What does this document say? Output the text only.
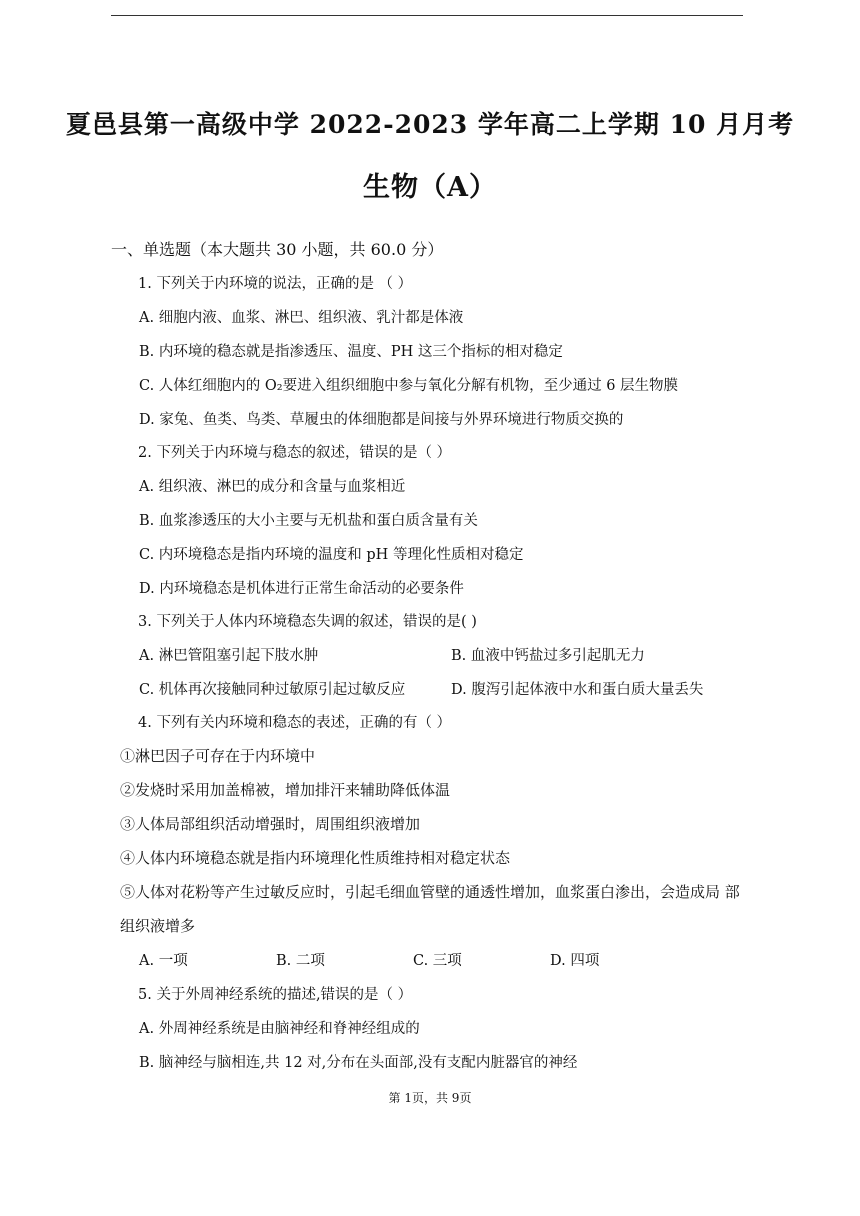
夏邑县第一高级中学 2022-2023 学年高二上学期 10 月月考
生物（A）
一、单选题（本大题共 30 小题，共 60.0 分）
1. 下列关于内环境的说法，正确的是 （ ）
A. 细胞内液、血浆、淋巴、组织液、乳汁都是体液
B. 内环境的稳态就是指渗透压、温度、PH 这三个指标的相对稳定
C. 人体红细胞内的 O₂要进入组织细胞中参与氧化分解有机物，至少通过 6 层生物膜
D. 家兔、鱼类、鸟类、草履虫的体细胞都是间接与外界环境进行物质交换的
2. 下列关于内环境与稳态的叙述，错误的是（ ）
A. 组织液、淋巴的成分和含量与血浆相近
B. 血浆渗透压的大小主要与无机盐和蛋白质含量有关
C. 内环境稳态是指内环境的温度和 pH 等理化性质相对稳定
D. 内环境稳态是机体进行正常生命活动的必要条件
3. 下列关于人体内环境稳态失调的叙述，错误的是( )
A. 淋巴管阻塞引起下肢水肿	B. 血液中钙盐过多引起肌无力
C. 机体再次接触同种过敏原引起过敏反应	D. 腹泻引起体液中水和蛋白质大量丢失
4. 下列有关内环境和稳态的表述，正确的有（ ）
①淋巴因子可存在于内环境中
②发烧时采用加盖棉被，增加排汗来辅助降低体温
③人体局部组织活动增强时，周围组织液增加
④人体内环境稳态就是指内环境理化性质维持相对稳定状态
⑤人体对花粉等产生过敏反应时，引起毛细血管壁的通透性增加，血浆蛋白渗出，会造成局 部
组织液增多
A. 一项	B. 二项	C. 三项	D. 四项
5. 关于外周神经系统的描述,错误的是（ ）
A. 外周神经系统是由脑神经和脊神经组成的
B. 脑神经与脑相连,共 12 对,分布在头面部,没有支配内脏器官的神经
第 1页，共 9页
